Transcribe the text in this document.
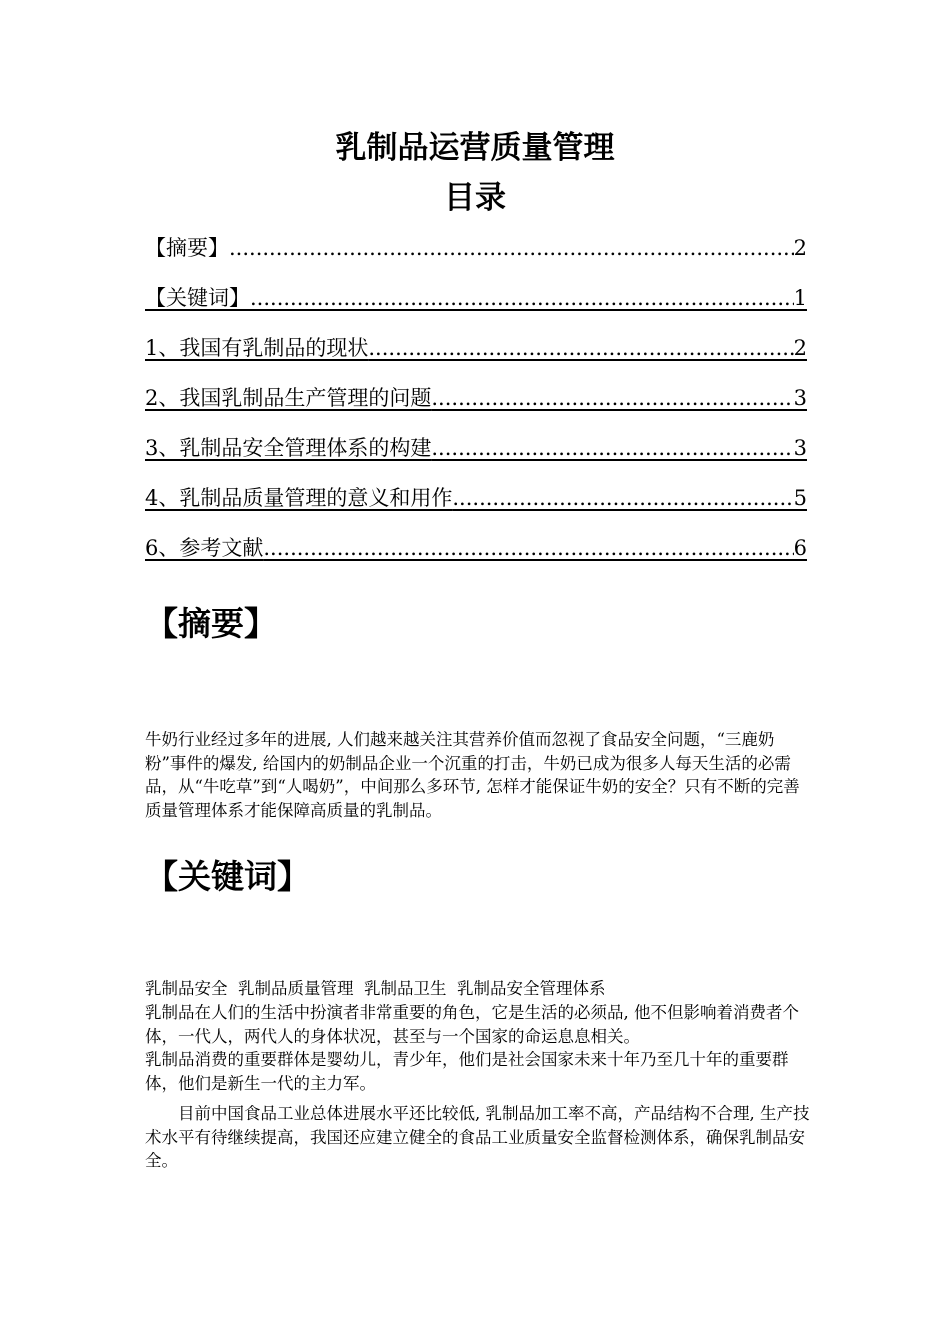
乳制品运营质量管理
目录
【摘要】 .....	2
【关键词】 .....	1
1、我国有乳制品的现状 .....	2
2、我国乳制品生产管理的问题 .....	3
3、乳制品安全管理体系的构建 .....	3
4、乳制品质量管理的意义和用作 .....	5
6、参考文献 .....	6
【摘要】

牛奶行业经过多年的进展, 人们越来越关注其营养价值而忽视了食品安全问题，“三鹿奶粉”事件的爆发, 给国内的奶制品企业一个沉重的打击，牛奶已成为很多人每天生活的必需品，从“牛吃草”到“人喝奶”，中间那么多环节, 怎样才能保证牛奶的安全？只有不断的完善质量管理体系才能保障高质量的乳制品。

【关键词】
乳制品安全  乳制品质量管理  乳制品卫生  乳制品安全管理体系

乳制品在人们的生活中扮演者非常重要的角色，它是生活的必须品, 他不但影响着消费者个体，一代人，两代人的身体状况，甚至与一个国家的命运息息相关。

乳制品消费的重要群体是婴幼儿，青少年，他们是社会国家未来十年乃至几十年的重要群体，他们是新生一代的主力军。

目前中国食品工业总体进展水平还比较低, 乳制品加工率不高，产品结构不合理, 生产技术水平有待继续提高，我国还应建立健全的食品工业质量安全监督检测体系，确保乳制品安全。
